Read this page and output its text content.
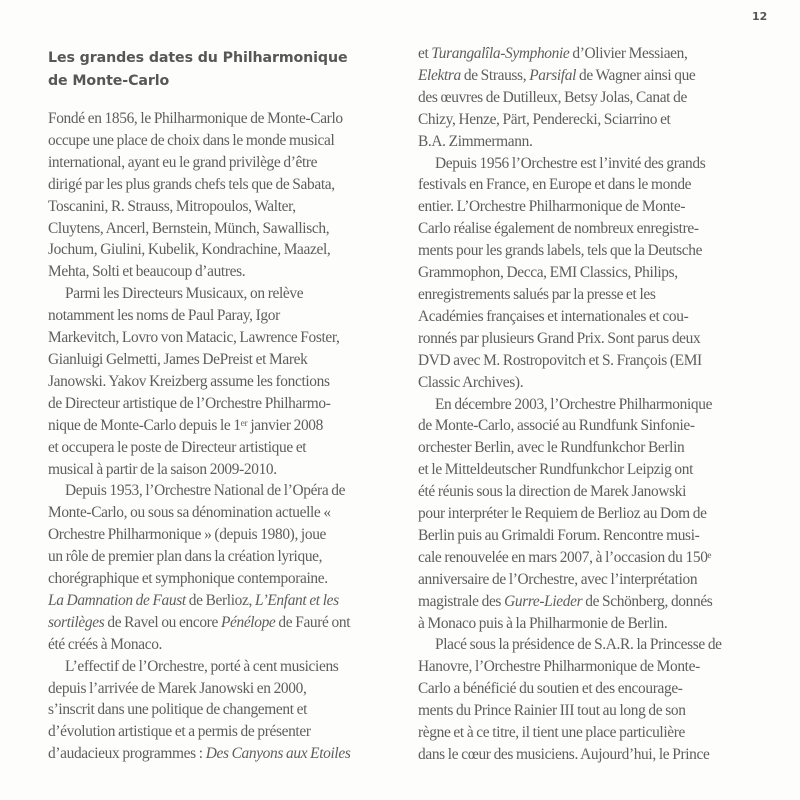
12
Les grandes dates du Philharmonique
de Monte-Carlo
Fondé en 1856, le Philharmonique de Monte-Carlo
occupe une place de choix dans le monde musical
international, ayant eu le grand privilège d’être
dirigé par les plus grands chefs tels que de Sabata,
Toscanini, R. Strauss, Mitropoulos, Walter,
Cluytens, Ancerl, Bernstein, Münch, Sawallisch,
Jochum, Giulini, Kubelik, Kondrachine, Maazel,
Mehta, Solti et beaucoup d’autres.
Parmi les Directeurs Musicaux, on relève
notamment les noms de Paul Paray, Igor
Markevitch, Lovro von Matacic, Lawrence Foster,
Gianluigi Gelmetti, James DePreist et Marek
Janowski. Yakov Kreizberg assume les fonctions
de Directeur artistique de l’Orchestre Philharmo-
nique de Monte-Carlo depuis le 1ᵉʳ janvier 2008
et occupera le poste de Directeur artistique et
musical à partir de la saison 2009-2010.
Depuis 1953, l’Orchestre National de l’Opéra de
Monte-Carlo, ou sous sa dénomination actuelle «
Orchestre Philharmonique » (depuis 1980), joue
un rôle de premier plan dans la création lyrique,
chorégraphique et symphonique contemporaine.
La Damnation de Faust de Berlioz, L’Enfant et les
sortilèges de Ravel ou encore Pénélope de Fauré ont
été créés à Monaco.
L’effectif de l’Orchestre, porté à cent musiciens
depuis l’arrivée de Marek Janowski en 2000,
s’inscrit dans une politique de changement et
d’évolution artistique et a permis de présenter
d’audacieux programmes : Des Canyons aux Etoiles
et Turangalîla-Symphonie d’Olivier Messiaen,
Elektra de Strauss, Parsifal de Wagner ainsi que
des œuvres de Dutilleux, Betsy Jolas, Canat de
Chizy, Henze, Pärt, Penderecki, Sciarrino et
B.A. Zimmermann.
Depuis 1956 l’Orchestre est l’invité des grands
festivals en France, en Europe et dans le monde
entier. L’Orchestre Philharmonique de Monte-
Carlo réalise également de nombreux enregistre-
ments pour les grands labels, tels que la Deutsche
Grammophon, Decca, EMI Classics, Philips,
enregistrements salués par la presse et les
Académies françaises et internationales et cou-
ronnés par plusieurs Grand Prix. Sont parus deux
DVD avec M. Rostropovitch et S. François (EMI
Classic Archives).
En décembre 2003, l’Orchestre Philharmonique
de Monte-Carlo, associé au Rundfunk Sinfonie-
orchester Berlin, avec le Rundfunkchor Berlin
et le Mitteldeutscher Rundfunkchor Leipzig ont
été réunis sous la direction de Marek Janowski
pour interpréter le Requiem de Berlioz au Dom de
Berlin puis au Grimaldi Forum. Rencontre musi-
cale renouvelée en mars 2007, à l’occasion du 150ᵉ
anniversaire de l’Orchestre, avec l’interprétation
magistrale des Gurre-Lieder de Schönberg, donnés
à Monaco puis à la Philharmonie de Berlin.
Placé sous la présidence de S.A.R. la Princesse de
Hanovre, l’Orchestre Philharmonique de Monte-
Carlo a bénéficié du soutien et des encourage-
ments du Prince Rainier III tout au long de son
règne et à ce titre, il tient une place particulière
dans le cœur des musiciens. Aujourd’hui, le Prince
